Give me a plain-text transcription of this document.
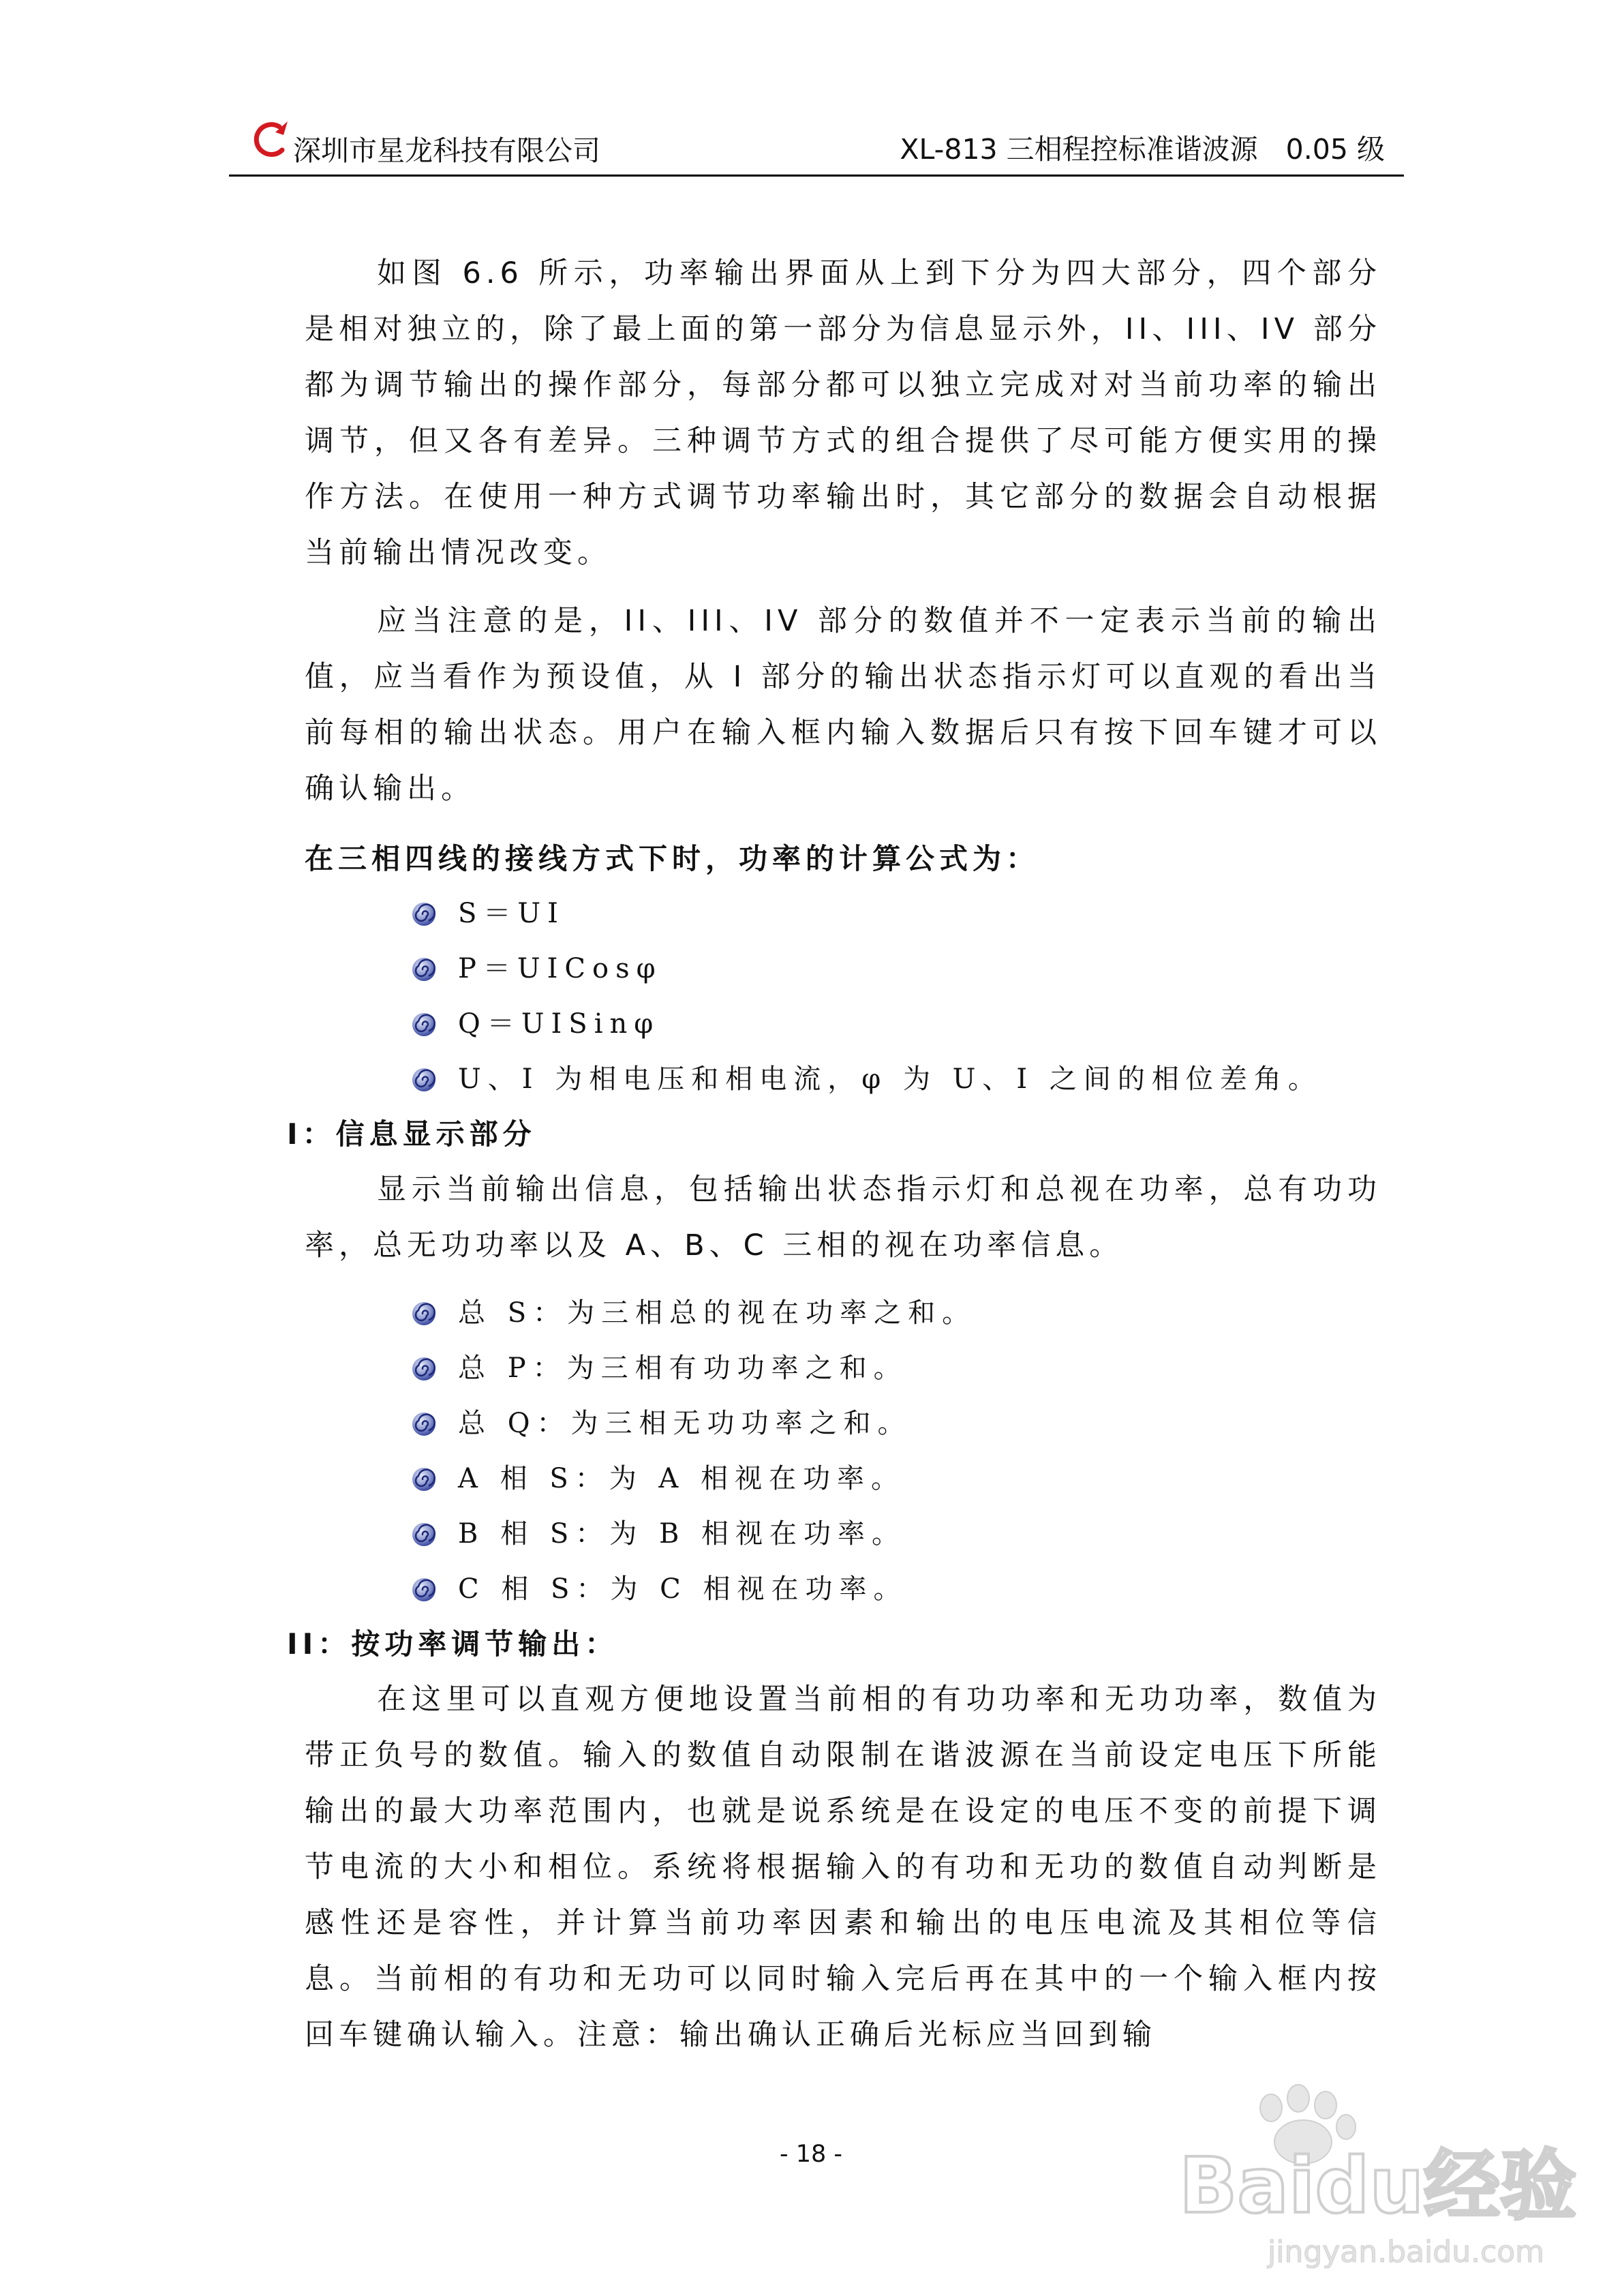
深圳市星龙科技有限公司	XL-813 三相程控标准谐波源　0.05 级

如图 6.6 所示，功率输出界面从上到下分为四大部分，四个部分是相对独立的，除了最上面的第一部分为信息显示外，II、III、IV 部分都为调节输出的操作部分，每部分都可以独立完成对对当前功率的输出调节，但又各有差异。三种调节方式的组合提供了尽可能方便实用的操作方法。在使用一种方式调节功率输出时，其它部分的数据会自动根据当前输出情况改变。

应当注意的是，II、III、IV 部分的数值并不一定表示当前的输出值，应当看作为预设值，从 I 部分的输出状态指示灯可以直观的看出当前每相的输出状态。用户在输入框内输入数据后只有按下回车键才可以确认输出。

在三相四线的接线方式下时，功率的计算公式为：

S＝UI
P＝UICosφ
Q＝UISinφ
U、I 为相电压和相电流，φ 为 U、I 之间的相位差角。

I：信息显示部分

显示当前输出信息，包括输出状态指示灯和总视在功率，总有功功率，总无功功率以及 A、B、C 三相的视在功率信息。

总 S：为三相总的视在功率之和。
总 P：为三相有功功率之和。
总 Q：为三相无功功率之和。
A 相 S：为 A 相视在功率。
B 相 S：为 B 相视在功率。
C 相 S：为 C 相视在功率。

II：按功率调节输出：

在这里可以直观方便地设置当前相的有功功率和无功功率，数值为带正负号的数值。输入的数值自动限制在谐波源在当前设定电压下所能输出的最大功率范围内，也就是说系统是在设定的电压不变的前提下调节电流的大小和相位。系统将根据输入的有功和无功的数值自动判断是感性还是容性，并计算当前功率因素和输出的电压电流及其相位等信息。当前相的有功和无功可以同时输入完后再在其中的一个输入框内按回车键确认输入。注意：输出确认正确后光标应当回到输

- 18 -	Baidu经验
jingyan.baidu.com
